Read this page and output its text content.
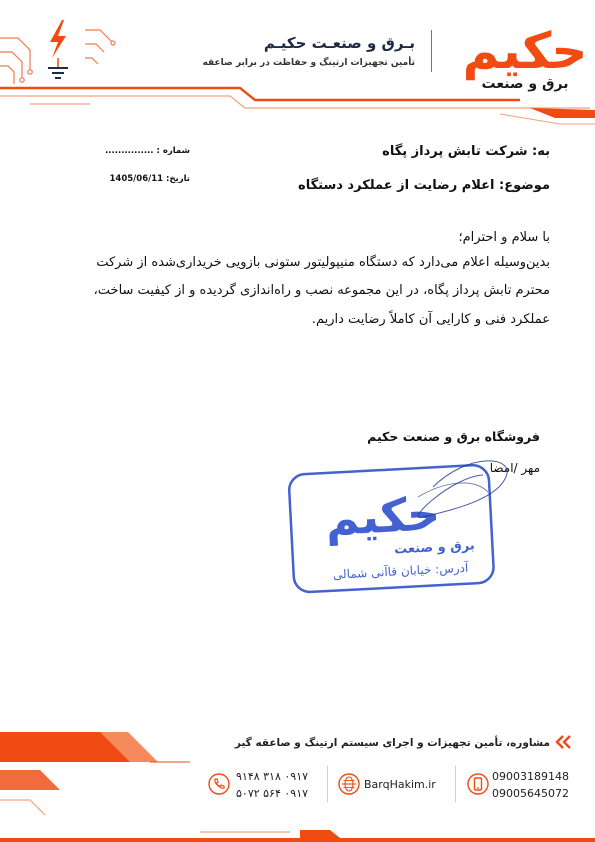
حکیم
برق و صنعت
بـرق و صنعـت حکیـم
تأمین تجهیزات ارتینگ و حفاظت در برابر صاعقه
شماره : ...............
تاریخ: 1405/06/11
به: شرکت تابش پرداز پگاه
موضوع: اعلام رضایت از عملکرد دستگاه
با سلام و احترام؛
بدین‌وسیله اعلام می‌دارد که دستگاه منیپولیتور ستونی بازویی خریداری‌شده از شرکت
محترم تابش پرداز پگاه، در این مجموعه نصب و راه‌اندازی گردیده و از کیفیت ساخت،
عملکرد فنی و کارایی آن کاملاً رضایت داریم.
فروشگاه برق و صنعت حکیم
مهر /امضا
حکیم
برق و صنعت
آدرس: خیابان قاآنی شمالی
مشاوره، تأمین تجهیزات و اجرای سیستم ارتینگ و صاعقه گیر
09003189148
09005645072
BarqHakim.ir
۰۹۱۷ ۳۱۸ ۹۱۴۸
۰۹۱۷ ۵۶۴ ۵۰۷۲
